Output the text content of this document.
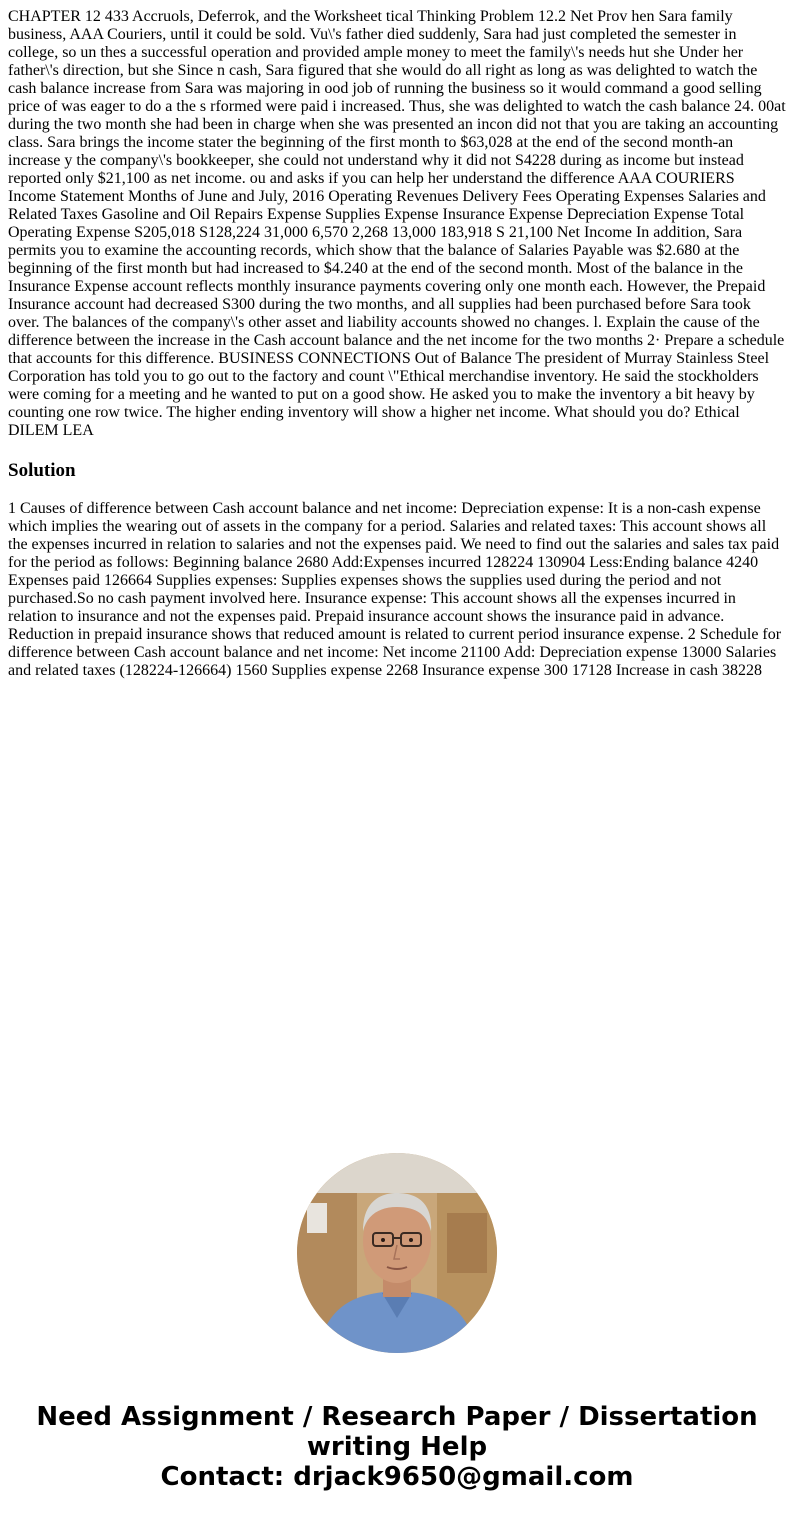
CHAPTER 12 433 Accruols, Deferrok, and the Worksheet tical Thinking Problem 12.2 Net Prov hen Sara family business, AAA Couriers, until it could be sold. Vu\'s father died suddenly, Sara had just completed the semester in college, so un thes a successful operation and provided ample money to meet the family\'s needs hut she Under her father\'s direction, but she Since n cash, Sara figured that she would do all right as long as was delighted to watch the cash balance increase from Sara was majoring in ood job of running the business so it would command a good selling price of was eager to do a the s rformed were paid i increased. Thus, she was delighted to watch the cash balance 24. 00at during the two month she had been in charge when she was presented an incon did not that you are taking an accounting class. Sara brings the income stater the beginning of the first month to $63,028 at the end of the second month-an increase y the company\'s bookkeeper, she could not understand why it did not S4228 during as income but instead reported only $21,100 as net income. ou and asks if you can help her understand the difference AAA COURIERS Income Statement Months of June and July, 2016 Operating Revenues Delivery Fees Operating Expenses Salaries and Related Taxes Gasoline and Oil Repairs Expense Supplies Expense Insurance Expense Depreciation Expense Total Operating Expense S205,018 S128,224 31,000 6,570 2,268 13,000 183,918 S 21,100 Net Income In addition, Sara permits you to examine the accounting records, which show that the balance of Salaries Payable was $2.680 at the beginning of the first month but had increased to $4.240 at the end of the second month. Most of the balance in the Insurance Expense account reflects monthly insurance payments covering only one month each. However, the Prepaid Insurance account had decreased S300 during the two months, and all supplies had been purchased before Sara took over. The balances of the company\'s other asset and liability accounts showed no changes. l. Explain the cause of the difference between the increase in the Cash account balance and the net income for the two months 2· Prepare a schedule that accounts for this difference. BUSINESS CONNECTIONS Out of Balance The president of Murray Stainless Steel Corporation has told you to go out to the factory and count \"Ethical merchandise inventory. He said the stockholders were coming for a meeting and he wanted to put on a good show. He asked you to make the inventory a bit heavy by counting one row twice. The higher ending inventory will show a higher net income. What should you do? Ethical DILEM LEA

Solution

1 Causes of difference between Cash account balance and net income: Depreciation expense: It is a non-cash expense which implies the wearing out of assets in the company for a period. Salaries and related taxes: This account shows all the expenses incurred in relation to salaries and not the expenses paid. We need to find out the salaries and sales tax paid for the period as follows: Beginning balance 2680 Add:Expenses incurred 128224 130904 Less:Ending balance 4240 Expenses paid 126664 Supplies expenses: Supplies expenses shows the supplies used during the period and not purchased.So no cash payment involved here. Insurance expense: This account shows all the expenses incurred in relation to insurance and not the expenses paid. Prepaid insurance account shows the insurance paid in advance. Reduction in prepaid insurance shows that reduced amount is related to current period insurance expense. 2 Schedule for difference between Cash account balance and net income: Net income 21100 Add: Depreciation expense 13000 Salaries and related taxes (128224-126664) 1560 Supplies expense 2268 Insurance expense 300 17128 Increase in cash 38228

Need Assignment / Research Paper / Dissertation
writing Help
Contact: drjack9650@gmail.com
